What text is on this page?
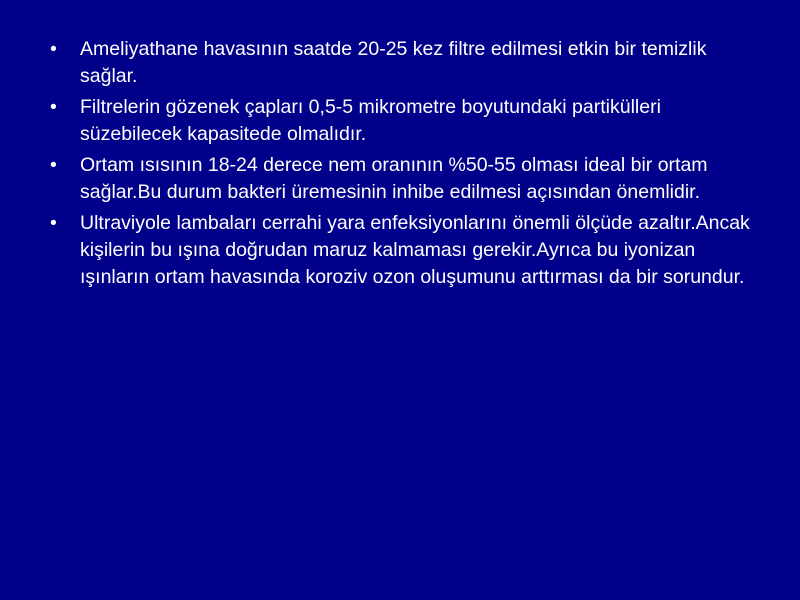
•	Ameliyathane havasının saatde 20-25 kez filtre edilmesi etkin bir temizlik sağlar.
•	Filtrelerin gözenek çapları 0,5-5 mikrometre boyutundaki partikülleri süzebilecek kapasitede olmalıdır.
•	Ortam ısısının 18-24 derece nem oranının %50-55 olması ideal bir ortam sağlar.Bu durum bakteri üremesinin inhibe edilmesi açısından önemlidir.
•	Ultraviyole lambaları cerrahi yara enfeksiyonlarını önemli ölçüde azaltır.Ancak kişilerin bu ışına doğrudan maruz kalmaması gerekir.Ayrıca bu iyonizan ışınların ortam havasında koroziv ozon oluşumunu arttırması da bir sorundur.
